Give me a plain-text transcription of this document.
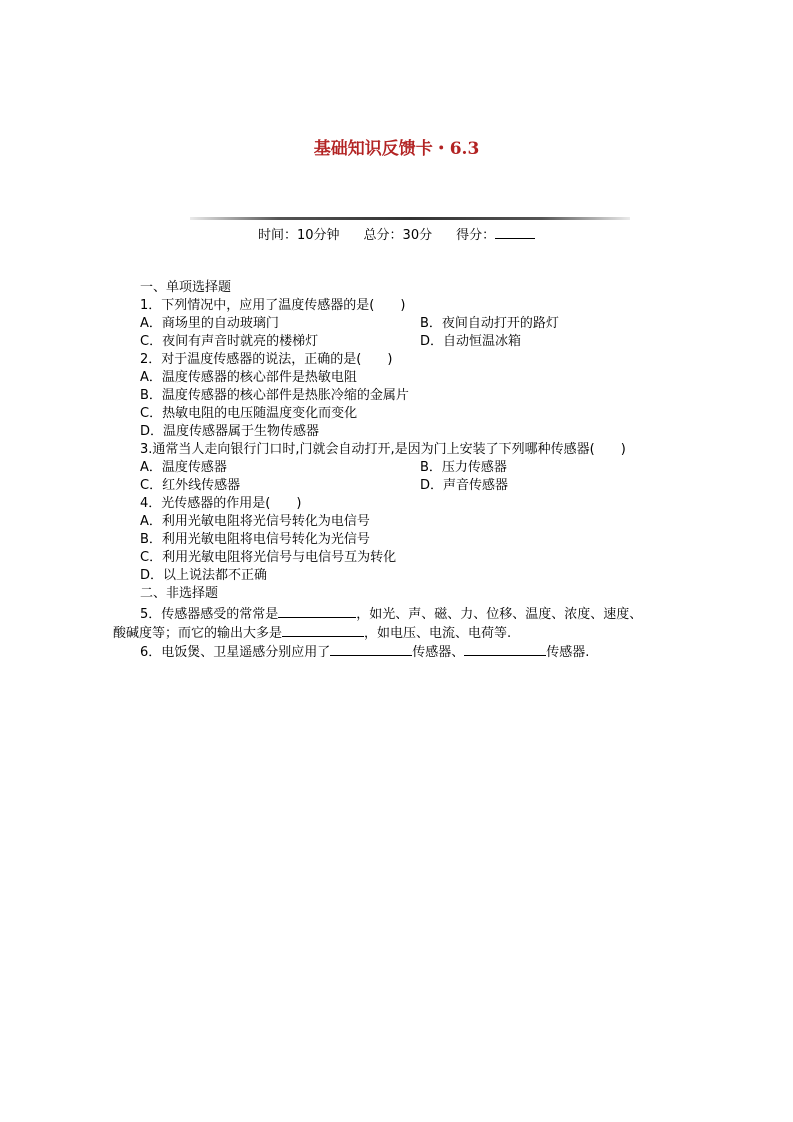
基础知识反馈卡・6.3
时间：10分钟 总分：30分 得分：
一、单项选择题
1．下列情况中，应用了温度传感器的是(　　)
A．商场里的自动玻璃门	B．夜间自动打开的路灯
C．夜间有声音时就亮的楼梯灯	D．自动恒温冰箱
2．对于温度传感器的说法，正确的是(　　)
A．温度传感器的核心部件是热敏电阻
B．温度传感器的核心部件是热胀冷缩的金属片
C．热敏电阻的电压随温度变化而变化
D．温度传感器属于生物传感器
3.通常当人走向银行门口时,门就会自动打开,是因为门上安装了下列哪种传感器(　　)
A．温度传感器	B．压力传感器
C．红外线传感器	D．声音传感器
4．光传感器的作用是(　　)
A．利用光敏电阻将光信号转化为电信号
B．利用光敏电阻将电信号转化为光信号
C．利用光敏电阻将光信号与电信号互为转化
D．以上说法都不正确
二、非选择题
5．传感器感受的常常是	，如光、声、磁、力、位移、温度、浓度、速度、
酸碱度等；而它的输出大多是	，如电压、电流、电荷等.
6．电饭煲、卫星遥感分别应用了	传感器、	传感器.
